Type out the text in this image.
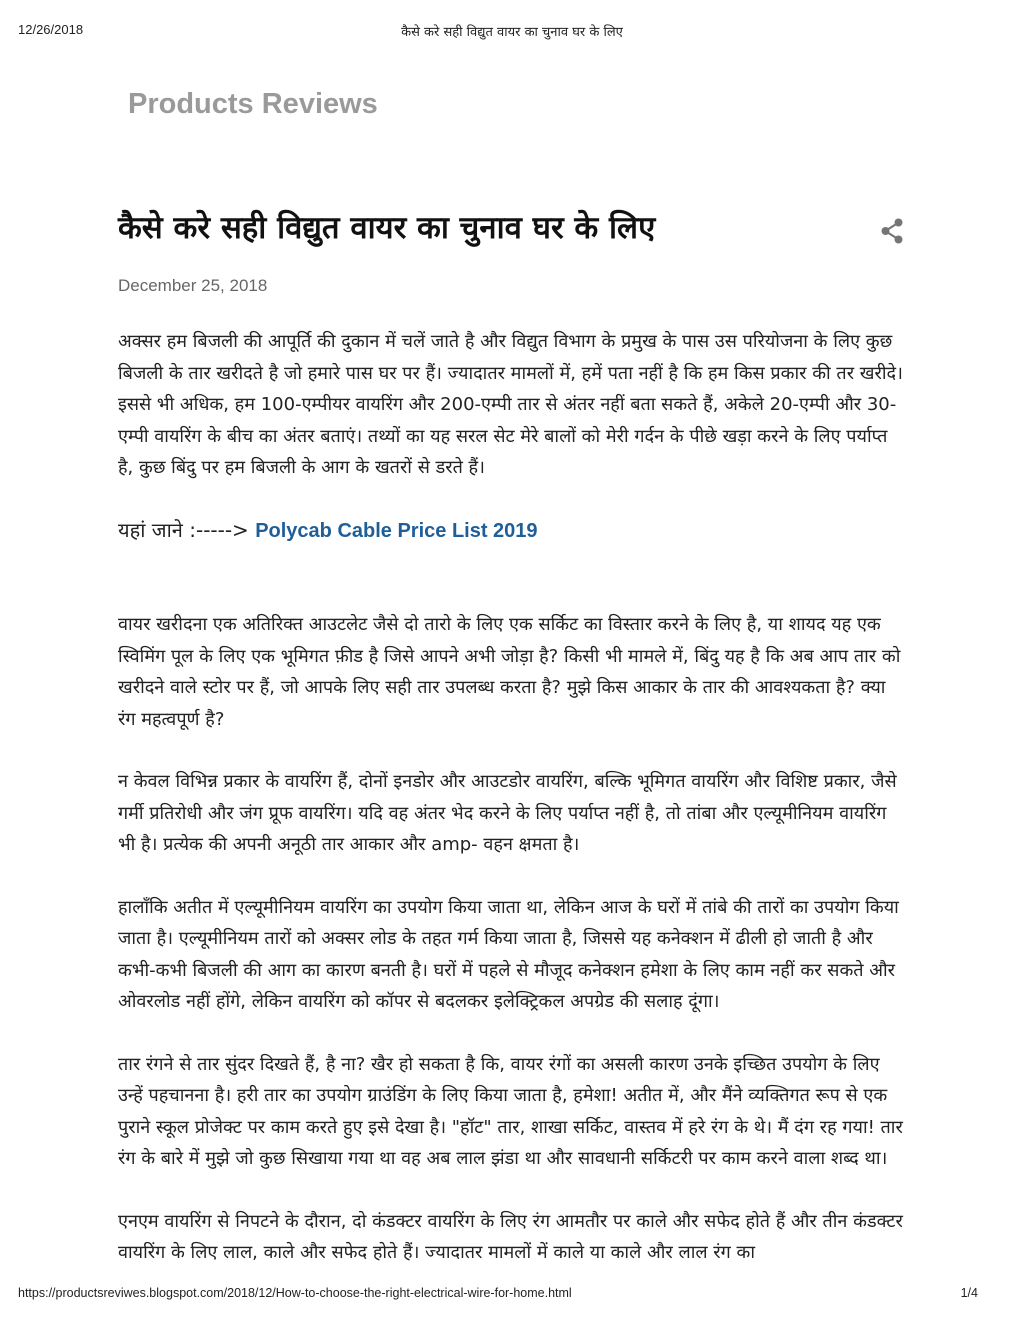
12/26/2018	कैसे करे सही विद्युत वायर का चुनाव घर के लिए
Products Reviews
कैसे करे सही विद्युत वायर का चुनाव घर के लिए
December 25, 2018

अक्सर हम बिजली की आपूर्ति की दुकान में चलें जाते है और विद्युत विभाग के प्रमुख के पास उस परियोजना के लिए कुछ बिजली के तार खरीदते है जो हमारे पास घर पर हैं। ज्यादातर मामलों में, हमें पता नहीं है कि हम किस प्रकार की तर खरीदे। इससे भी अधिक, हम 100-एम्पीयर वायरिंग और 200-एम्पी तार से अंतर नहीं बता सकते हैं, अकेले 20-एम्पी और 30-एम्पी वायरिंग के बीच का अंतर बताएं। तथ्यों का यह सरल सेट मेरे बालों को मेरी गर्दन के पीछे खड़ा करने के लिए पर्याप्त है, कुछ बिंदु पर हम बिजली के आग के खतरों से डरते हैं।

यहां जाने :-----> Polycab Cable Price List 2019

वायर खरीदना एक अतिरिक्त आउटलेट जैसे दो तारो के लिए एक सर्किट का विस्तार करने के लिए है, या शायद यह एक स्विमिंग पूल के लिए एक भूमिगत फ़ीड है जिसे आपने अभी जोड़ा है? किसी भी मामले में, बिंदु यह है कि अब आप तार को खरीदने वाले स्टोर पर हैं, जो आपके लिए सही तार उपलब्ध करता है? मुझे किस आकार के तार की आवश्यकता है? क्या रंग महत्वपूर्ण है?

न केवल विभिन्न प्रकार के वायरिंग हैं, दोनों इनडोर और आउटडोर वायरिंग, बल्कि भूमिगत वायरिंग और विशिष्ट प्रकार, जैसे गर्मी प्रतिरोधी और जंग प्रूफ वायरिंग। यदि वह अंतर भेद करने के लिए पर्याप्त नहीं है, तो तांबा और एल्यूमीनियम वायरिंग भी है। प्रत्येक की अपनी अनूठी तार आकार और amp- वहन क्षमता है।

हालाँकि अतीत में एल्यूमीनियम वायरिंग का उपयोग किया जाता था, लेकिन आज के घरों में तांबे की तारों का उपयोग किया जाता है। एल्यूमीनियम तारों को अक्सर लोड के तहत गर्म किया जाता है, जिससे यह कनेक्शन में ढीली हो जाती है और कभी-कभी बिजली की आग का कारण बनती है। घरों में पहले से मौजूद कनेक्शन हमेशा के लिए काम नहीं कर सकते और ओवरलोड नहीं होंगे, लेकिन वायरिंग को कॉपर से बदलकर इलेक्ट्रिकल अपग्रेड की सलाह दूंगा।

तार रंगने से तार सुंदर दिखते हैं, है ना? खैर हो सकता है कि, वायर रंगों का असली कारण उनके इच्छित उपयोग के लिए उन्हें पहचानना है। हरी तार का उपयोग ग्राउंडिंग के लिए किया जाता है, हमेशा! अतीत में, और मैंने व्यक्तिगत रूप से एक पुराने स्कूल प्रोजेक्ट पर काम करते हुए इसे देखा है। "हॉट" तार, शाखा सर्किट, वास्तव में हरे रंग के थे। मैं दंग रह गया! तार रंग के बारे में मुझे जो कुछ सिखाया गया था वह अब लाल झंडा था और सावधानी सर्किटरी पर काम करने वाला शब्द था।

एनएम वायरिंग से निपटने के दौरान, दो कंडक्टर वायरिंग के लिए रंग आमतौर पर काले और सफेद होते हैं और तीन कंडक्टर वायरिंग के लिए लाल, काले और सफेद होते हैं। ज्यादातर मामलों में काले या काले और लाल रंग का

https://productsreviwes.blogspot.com/2018/12/How-to-choose-the-right-electrical-wire-for-home.html	1/4
